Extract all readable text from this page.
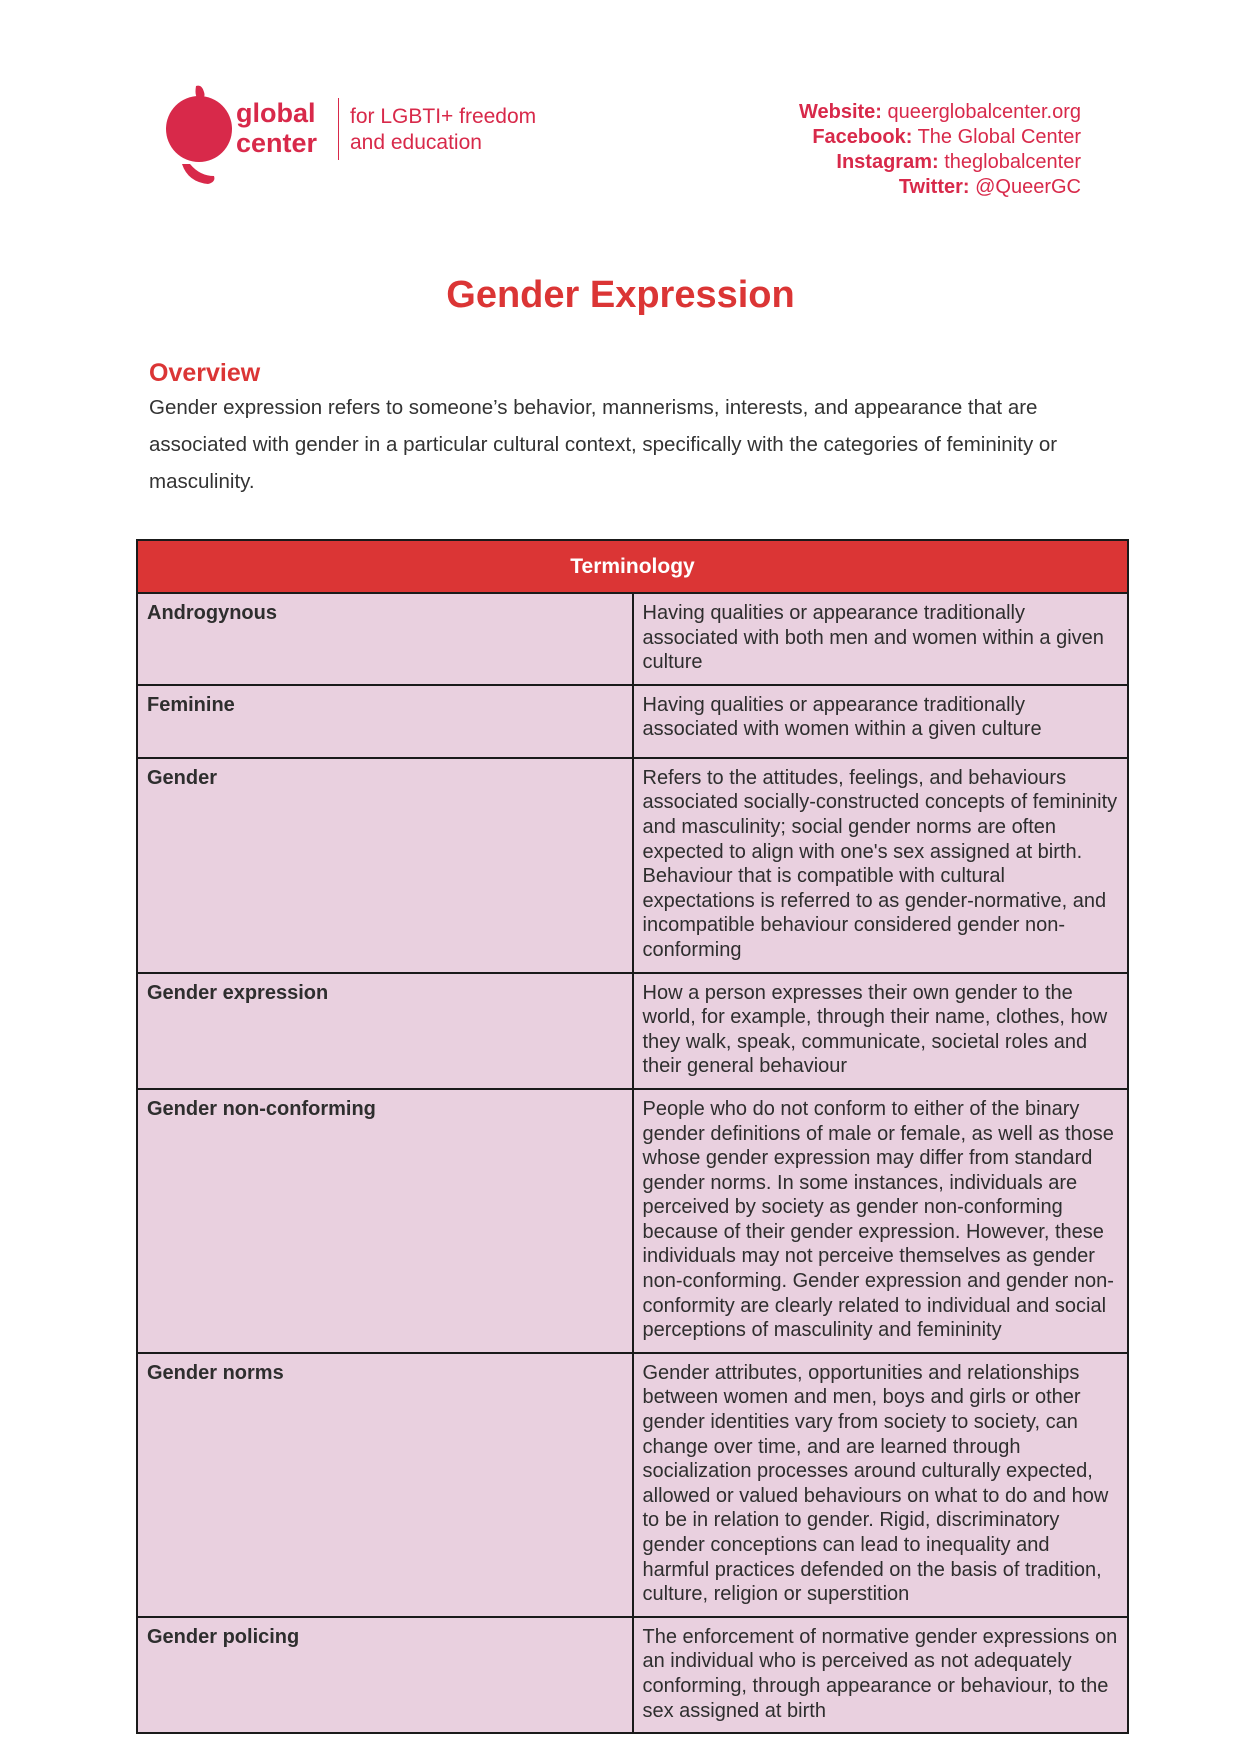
global
center
for LGBTI+ freedom
and education
Website: queerglobalcenter.org
Facebook: The Global Center
Instagram: theglobalcenter
Twitter: @QueerGC
Gender Expression
Overview

Gender expression refers to someone’s behavior, mannerisms, interests, and appearance that are associated with gender in a particular cultural context, specifically with the categories of femininity or masculinity.

Terminology	
Androgynous	Having qualities or appearance traditionally associated with both men and women within a given culture
Feminine	Having qualities or appearance traditionally associated with women within a given culture
Gender	Refers to the attitudes, feelings, and behaviours associated socially-constructed concepts of femininity and masculinity; social gender norms are often expected to align with one's sex assigned at birth. Behaviour that is compatible with cultural expectations is referred to as gender-normative, and incompatible behaviour considered gender non-conforming
Gender expression	How a person expresses their own gender to the world, for example, through their name, clothes, how they walk, speak, communicate, societal roles and their general behaviour
Gender non-conforming	People who do not conform to either of the binary gender definitions of male or female, as well as those whose gender expression may differ from standard gender norms. In some instances, individuals are perceived by society as gender non-conforming because of their gender expression. However, these individuals may not perceive themselves as gender non-conforming. Gender expression and gender non-conformity are clearly related to individual and social perceptions of masculinity and femininity
Gender norms	Gender attributes, opportunities and relationships between women and men, boys and girls or other gender identities vary from society to society, can change over time, and are learned through socialization processes around culturally expected, allowed or valued behaviours on what to do and how to be in relation to gender. Rigid, discriminatory gender conceptions can lead to inequality and harmful practices defended on the basis of tradition, culture, religion or superstition
Gender policing	The enforcement of normative gender expressions on an individual who is perceived as not adequately conforming, through appearance or behaviour, to the sex assigned at birth
